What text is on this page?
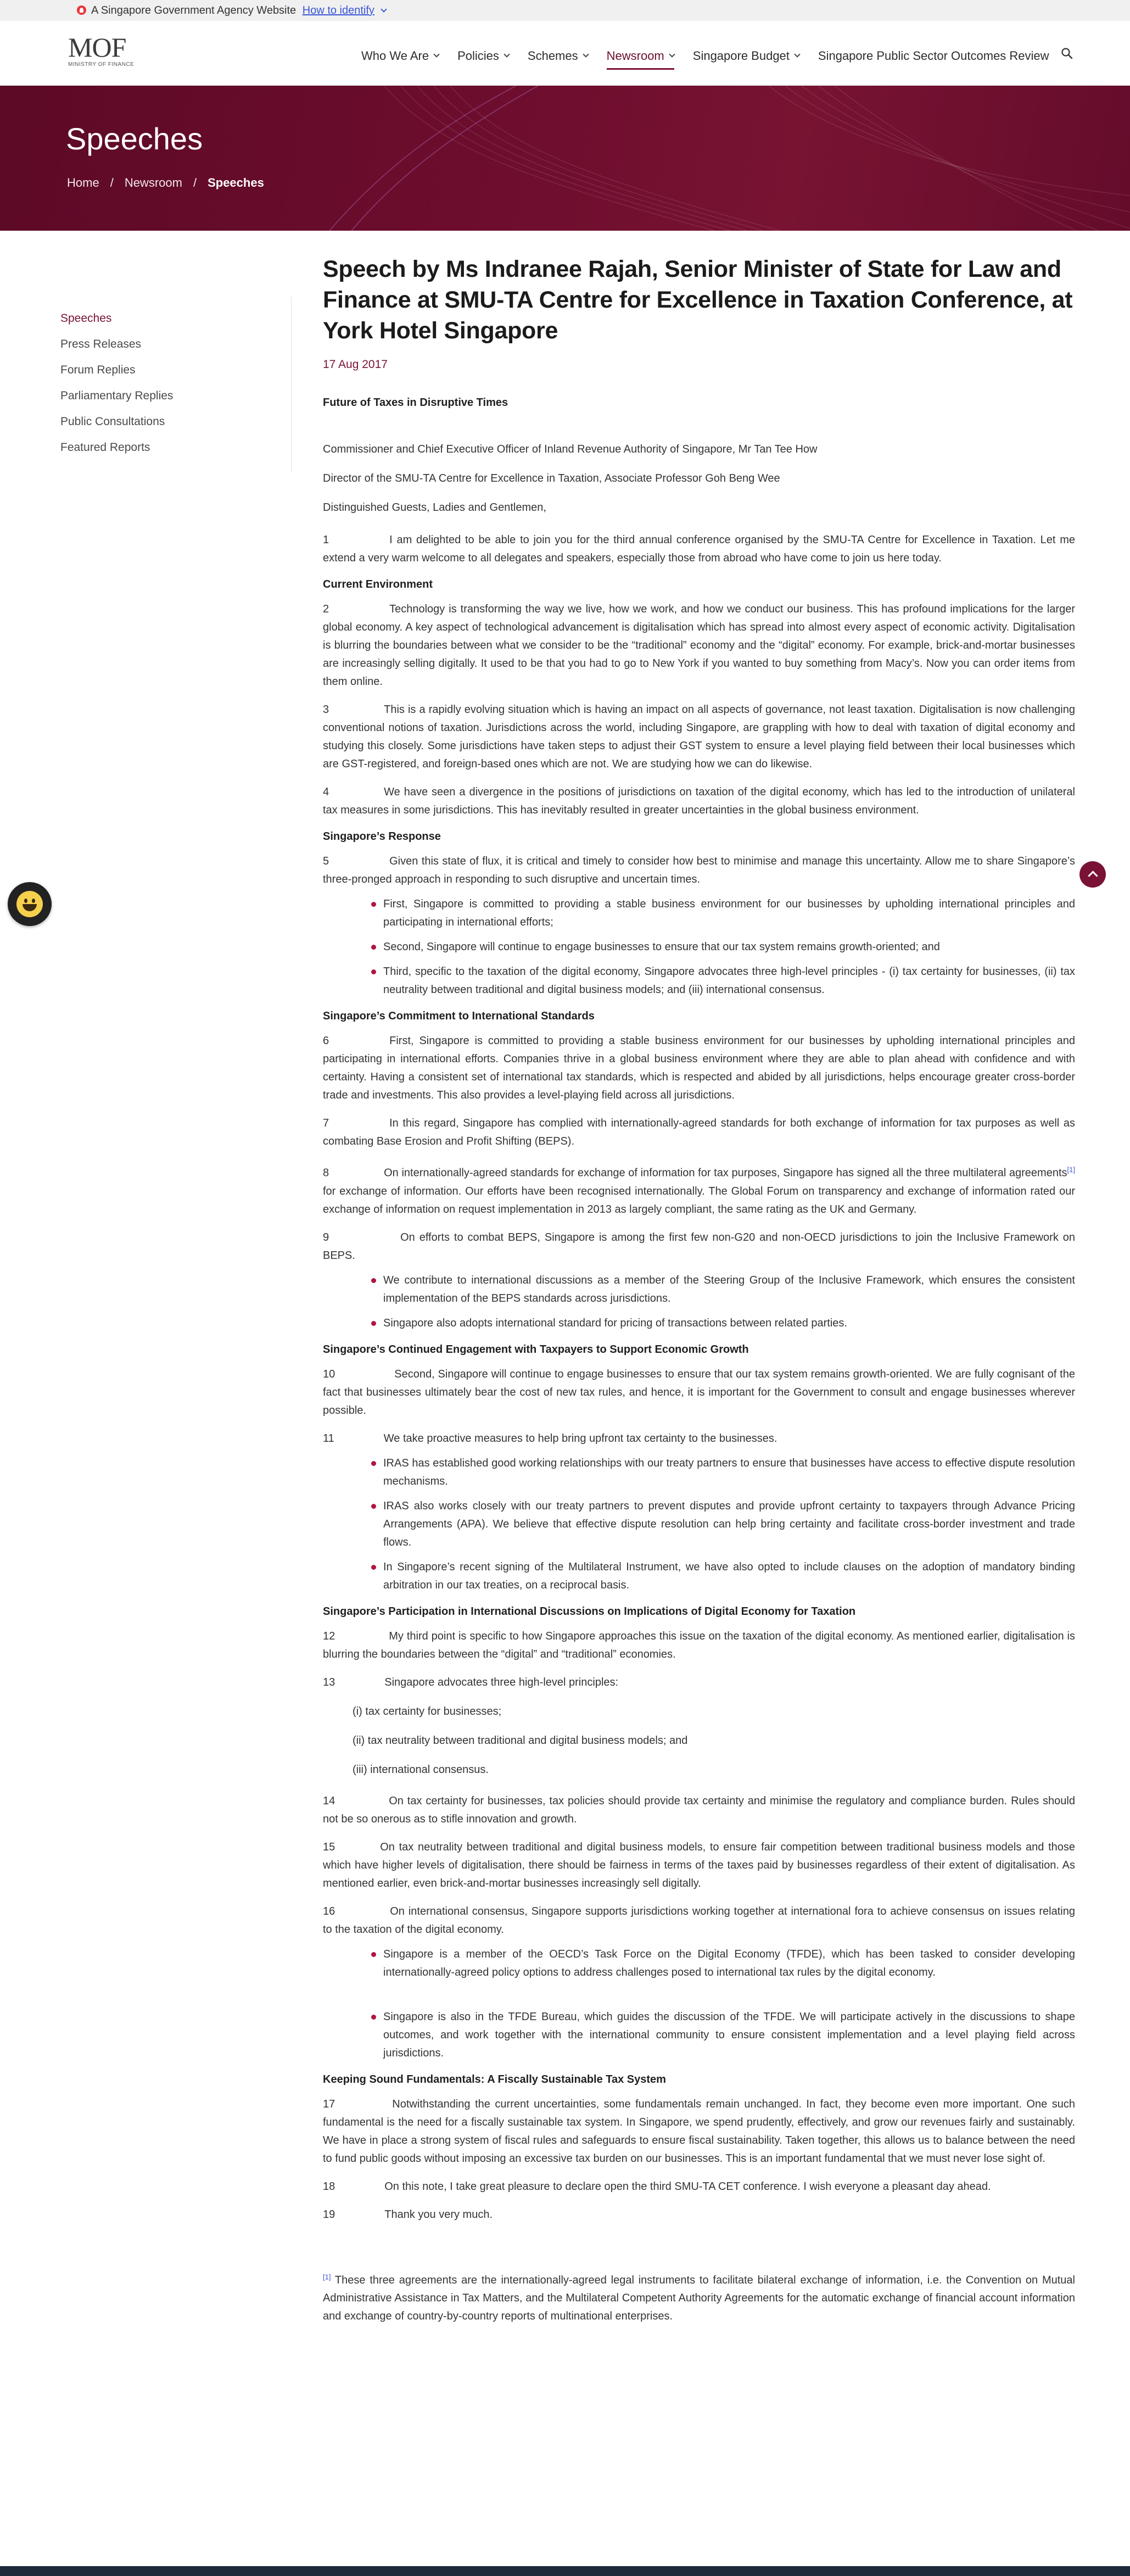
A Singapore Government Agency Website How to identify
MOF
MINISTRY OF FINANCE
Who We Are Policies Schemes Newsroom Singapore Budget Singapore Public Sector Outcomes Review
Speeches
Home / Newsroom / Speeches
Speeches
Press Releases
Forum Replies
Parliamentary Replies
Public Consultations
Featured Reports
Speech by Ms Indranee Rajah, Senior Minister of State for Law and Finance at SMU-TA Centre for Excellence in Taxation Conference, at York Hotel Singapore
17 Aug 2017
Future of Taxes in Disruptive Times
Commissioner and Chief Executive Officer of Inland Revenue Authority of Singapore, Mr Tan Tee How
Director of the SMU-TA Centre for Excellence in Taxation, Associate Professor Goh Beng Wee
Distinguished Guests, Ladies and Gentlemen,
1	I am delighted to be able to join you for the third annual conference organised by the SMU-TA Centre for Excellence in Taxation. Let me extend a very warm welcome to all delegates and speakers, especially those from abroad who have come to join us here today.
Current Environment
2	Technology is transforming the way we live, how we work, and how we conduct our business. This has profound implications for the larger global economy. A key aspect of technological advancement is digitalisation which has spread into almost every aspect of economic activity. Digitalisation is blurring the boundaries between what we consider to be the “traditional” economy and the “digital” economy. For example, brick-and-mortar businesses are increasingly selling digitally. It used to be that you had to go to New York if you wanted to buy something from Macy’s. Now you can order items from them online.
3	This is a rapidly evolving situation which is having an impact on all aspects of governance, not least taxation. Digitalisation is now challenging conventional notions of taxation. Jurisdictions across the world, including Singapore, are grappling with how to deal with taxation of digital economy and studying this closely. Some jurisdictions have taken steps to adjust their GST system to ensure a level playing field between their local businesses which are GST-registered, and foreign-based ones which are not. We are studying how we can do likewise.
4	We have seen a divergence in the positions of jurisdictions on taxation of the digital economy, which has led to the introduction of unilateral tax measures in some jurisdictions. This has inevitably resulted in greater uncertainties in the global business environment.
Singapore’s Response
5	Given this state of flux, it is critical and timely to consider how best to minimise and manage this uncertainty. Allow me to share Singapore’s three-pronged approach in responding to such disruptive and uncertain times.
First, Singapore is committed to providing a stable business environment for our businesses by upholding international principles and participating in international efforts;
Second, Singapore will continue to engage businesses to ensure that our tax system remains growth-oriented; and
Third, specific to the taxation of the digital economy, Singapore advocates three high-level principles - (i) tax certainty for businesses, (ii) tax neutrality between traditional and digital business models; and (iii) international consensus.
Singapore’s Commitment to International Standards
6	First, Singapore is committed to providing a stable business environment for our businesses by upholding international principles and participating in international efforts. Companies thrive in a global business environment where they are able to plan ahead with confidence and with certainty. Having a consistent set of international tax standards, which is respected and abided by all jurisdictions, helps encourage greater cross-border trade and investments. This also provides a level-playing field across all jurisdictions.
7	In this regard, Singapore has complied with internationally-agreed standards for both exchange of information for tax purposes as well as combating Base Erosion and Profit Shifting (BEPS).
8	On internationally-agreed standards for exchange of information for tax purposes, Singapore has signed all the three multilateral agreements[1] for exchange of information. Our efforts have been recognised internationally. The Global Forum on transparency and exchange of information rated our exchange of information on request implementation in 2013 as largely compliant, the same rating as the UK and Germany.
9	On efforts to combat BEPS, Singapore is among the first few non-G20 and non-OECD jurisdictions to join the Inclusive Framework on BEPS.
We contribute to international discussions as a member of the Steering Group of the Inclusive Framework, which ensures the consistent implementation of the BEPS standards across jurisdictions.
Singapore also adopts international standard for pricing of transactions between related parties.
Singapore’s Continued Engagement with Taxpayers to Support Economic Growth
10	Second, Singapore will continue to engage businesses to ensure that our tax system remains growth-oriented. We are fully cognisant of the fact that businesses ultimately bear the cost of new tax rules, and hence, it is important for the Government to consult and engage businesses wherever possible.
11	We take proactive measures to help bring upfront tax certainty to the businesses.
IRAS has established good working relationships with our treaty partners to ensure that businesses have access to effective dispute resolution mechanisms.
IRAS also works closely with our treaty partners to prevent disputes and provide upfront certainty to taxpayers through Advance Pricing Arrangements (APA). We believe that effective dispute resolution can help bring certainty and facilitate cross-border investment and trade flows.
In Singapore’s recent signing of the Multilateral Instrument, we have also opted to include clauses on the adoption of mandatory binding arbitration in our tax treaties, on a reciprocal basis.
Singapore’s Participation in International Discussions on Implications of Digital Economy for Taxation
12	My third point is specific to how Singapore approaches this issue on the taxation of the digital economy. As mentioned earlier, digitalisation is blurring the boundaries between the “digital” and “traditional” economies.
13	Singapore advocates three high-level principles:
(i) tax certainty for businesses;
(ii) tax neutrality between traditional and digital business models; and
(iii) international consensus.
14	On tax certainty for businesses, tax policies should provide tax certainty and minimise the regulatory and compliance burden. Rules should not be so onerous as to stifle innovation and growth.
15	On tax neutrality between traditional and digital business models, to ensure fair competition between traditional business models and those which have higher levels of digitalisation, there should be fairness in terms of the taxes paid by businesses regardless of their extent of digitalisation. As mentioned earlier, even brick-and-mortar businesses increasingly sell digitally.
16	On international consensus, Singapore supports jurisdictions working together at international fora to achieve consensus on issues relating to the taxation of the digital economy.
Singapore is a member of the OECD’s Task Force on the Digital Economy (TFDE), which has been tasked to consider developing internationally-agreed policy options to address challenges posed to international tax rules by the digital economy.
Singapore is also in the TFDE Bureau, which guides the discussion of the TFDE. We will participate actively in the discussions to shape outcomes, and work together with the international community to ensure consistent implementation and a level playing field across jurisdictions.
Keeping Sound Fundamentals: A Fiscally Sustainable Tax System
17	Notwithstanding the current uncertainties, some fundamentals remain unchanged. In fact, they become even more important. One such fundamental is the need for a fiscally sustainable tax system. In Singapore, we spend prudently, effectively, and grow our revenues fairly and sustainably. We have in place a strong system of fiscal rules and safeguards to ensure fiscal sustainability. Taken together, this allows us to balance between the need to fund public goods without imposing an excessive tax burden on our businesses. This is an important fundamental that we must never lose sight of.
18	On this note, I take great pleasure to declare open the third SMU-TA CET conference. I wish everyone a pleasant day ahead.
19	Thank you very much.
[1] These three agreements are the internationally-agreed legal instruments to facilitate bilateral exchange of information, i.e. the Convention on Mutual Administrative Assistance in Tax Matters, and the Multilateral Competent Authority Agreements for the automatic exchange of financial account information and exchange of country-by-country reports of multinational enterprises.
